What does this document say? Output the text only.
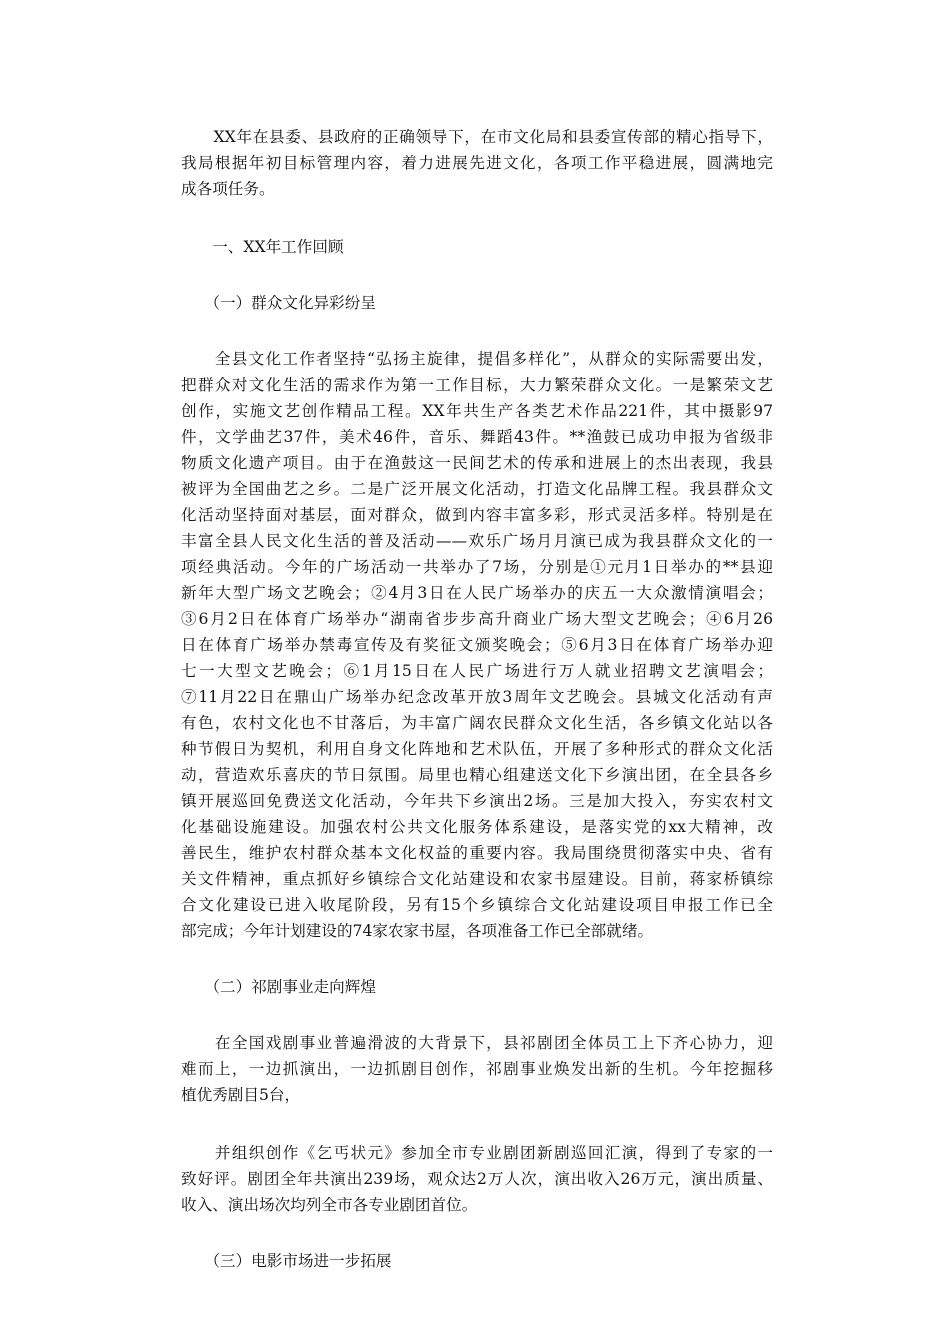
　　XX年在县委、县政府的正确领导下，在市文化局和县委宣传部的精心指导下，
我局根据年初目标管理内容，着力进展先进文化，各项工作平稳进展，圆满地完
成各项任务。
　　一、XX年工作回顾
　　（一）群众文化异彩纷呈
　　全县文化工作者坚持“弘扬主旋律，提倡多样化”，从群众的实际需要出发，
把群众对文化生活的需求作为第一工作目标，大力繁荣群众文化。一是繁荣文艺
创作，实施文艺创作精品工程。XX年共生产各类艺术作品221件，其中摄影97
件，文学曲艺37件，美术46件，音乐、舞蹈43件。**渔鼓已成功申报为省级非
物质文化遗产项目。由于在渔鼓这一民间艺术的传承和进展上的杰出表现，我县
被评为全国曲艺之乡。二是广泛开展文化活动，打造文化品牌工程。我县群众文
化活动坚持面对基层，面对群众，做到内容丰富多彩，形式灵活多样。特别是在
丰富全县人民文化生活的普及活动——欢乐广场月月演已成为我县群众文化的一
项经典活动。今年的广场活动一共举办了7场，分别是①元月1日举办的**县迎
新年大型广场文艺晚会；②4月3日在人民广场举办的庆五一大众激情演唱会；
③6月2日在体育广场举办“湖南省步步高升商业广场大型文艺晚会；④6月26
日在体育广场举办禁毒宣传及有奖征文颁奖晚会；⑤6月3日在体育广场举办迎
七一大型文艺晚会；⑥1月15日在人民广场进行万人就业招聘文艺演唱会；
⑦11月22日在鼎山广场举办纪念改革开放3周年文艺晚会。县城文化活动有声
有色，农村文化也不甘落后，为丰富广阔农民群众文化生活，各乡镇文化站以各
种节假日为契机，利用自身文化阵地和艺术队伍，开展了多种形式的群众文化活
动，营造欢乐喜庆的节日氛围。局里也精心组建送文化下乡演出团，在全县各乡
镇开展巡回免费送文化活动，今年共下乡演出2场。三是加大投入，夯实农村文
化基础设施建设。加强农村公共文化服务体系建设，是落实党的xx大精神，改
善民生，维护农村群众基本文化权益的重要内容。我局围绕贯彻落实中央、省有
关文件精神，重点抓好乡镇综合文化站建设和农家书屋建设。目前，蒋家桥镇综
合文化建设已进入收尾阶段，另有15个乡镇综合文化站建设项目申报工作已全
部完成；今年计划建设的74家农家书屋，各项准备工作已全部就绪。
　　（二）祁剧事业走向辉煌
　　在全国戏剧事业普遍滑波的大背景下，县祁剧团全体员工上下齐心协力，迎
难而上，一边抓演出，一边抓剧目创作，祁剧事业焕发出新的生机。今年挖掘移
植优秀剧目5台，
　　并组织创作《乞丐状元》参加全市专业剧团新剧巡回汇演，得到了专家的一
致好评。剧团全年共演出239场，观众达2万人次，演出收入26万元，演出质量、
收入、演出场次均列全市各专业剧团首位。
　　（三）电影市场进一步拓展
